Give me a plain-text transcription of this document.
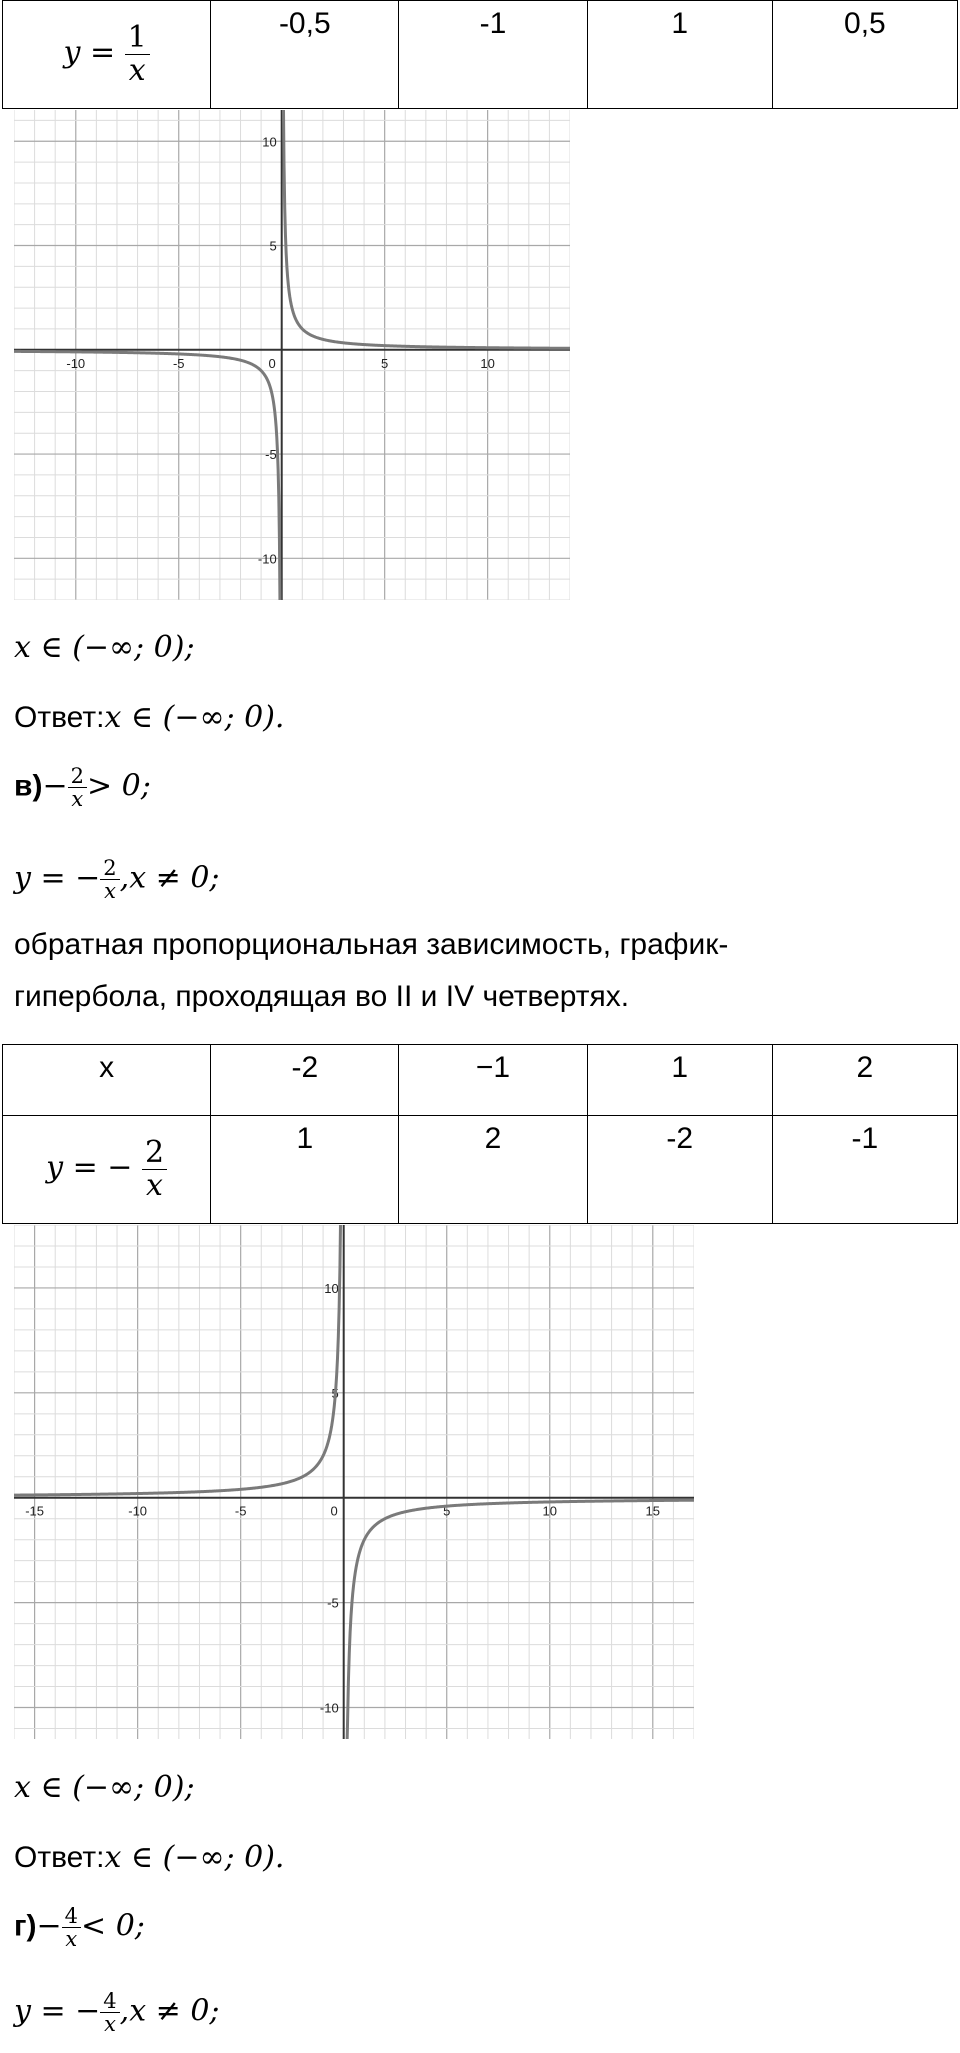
$y = \frac{1}{x}$	-0,5	-1	1	0,5
-10	-5	0	5	10
10
5
-5
-10
x ∈ (−∞; 0);
Ответ:x ∈ (−∞; 0).
$в)- \frac{2}{x} > 0$;
y = − $\frac{2}{x} ,x \ne 0$;
обратная пропорциональная зависимость, график-
гипербола, проходящая во II и IV четвертях.
x	-2	−1	1	2
y = − $\frac{2}{x}$	1	2	-2	-1
-15	-10	-5	0	5	10	15
10
5
-5
-10
x ∈ (−∞; 0);
Ответ:x ∈ (−∞; 0).
$г)- \frac{4}{x} < 0$;
y = − $\frac{4}{x} ,x \ne 0$;
